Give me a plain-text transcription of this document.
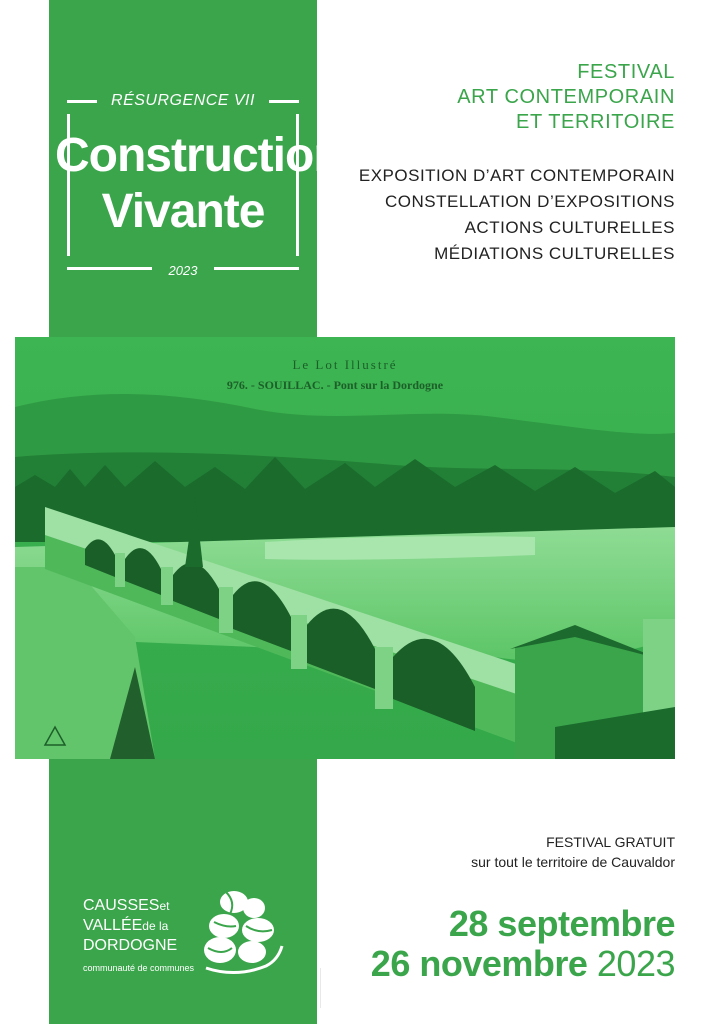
RÉSURGENCE VII
Construction
Vivante
2023
FESTIVAL
ART CONTEMPORAIN
ET TERRITOIRE
EXPOSITION D’ART CONTEMPORAIN
CONSTELLATION D’EXPOSITIONS
ACTIONS CULTURELLES
MÉDIATIONS CULTURELLES
Le Lot Illustré
976. - SOUILLAC. - Pont sur la Dordogne
FESTIVAL GRATUIT
sur tout le territoire de Cauvaldor
28 septembre
26 novembre 2023
CAUSSESet
VALLÉEde la
DORDOGNE
communauté de communes
